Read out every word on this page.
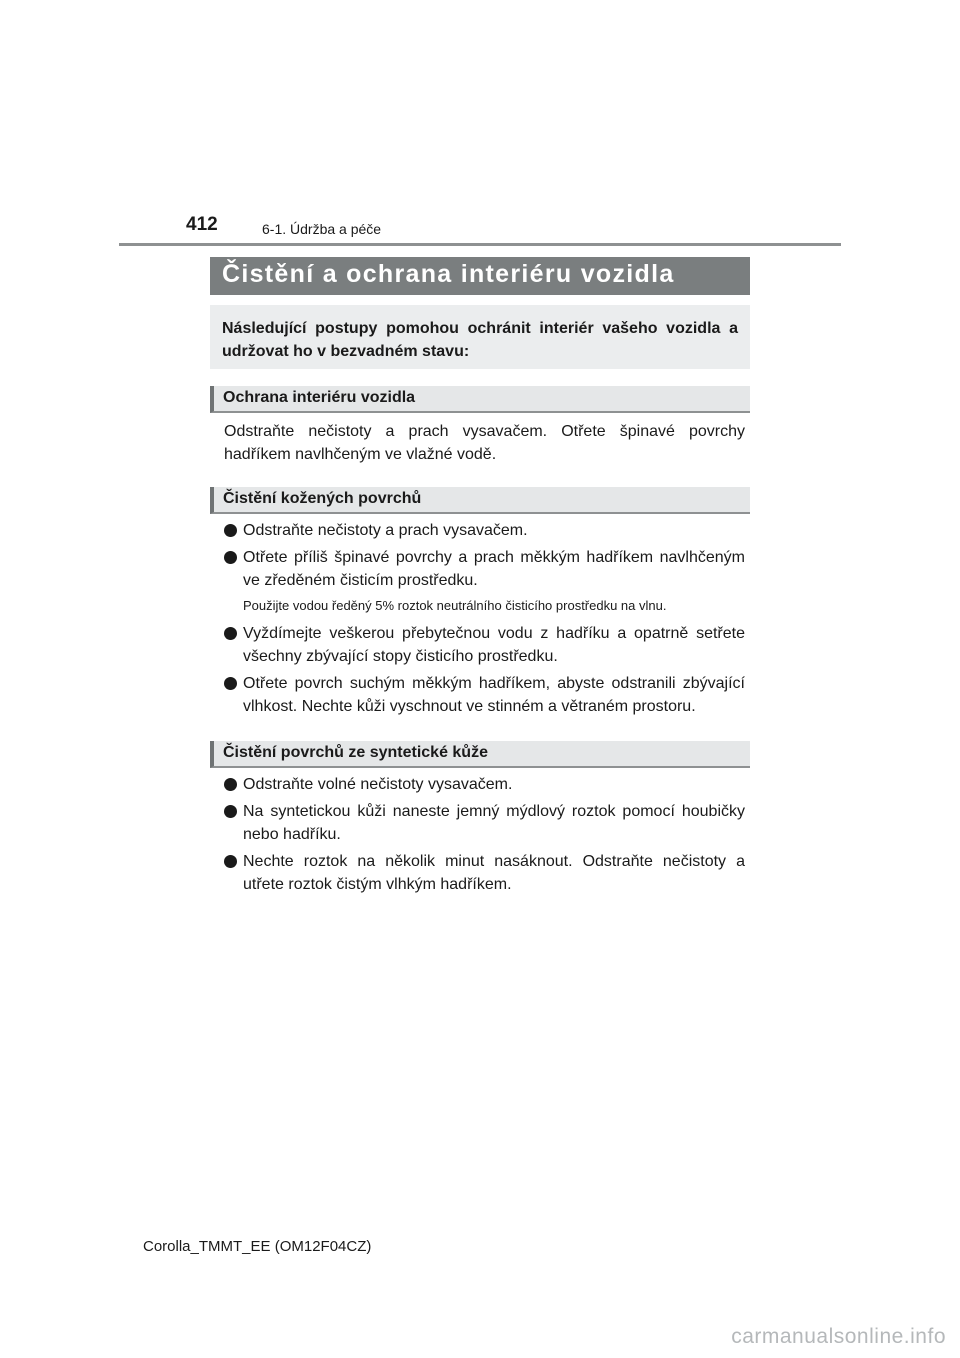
412	6-1. Údržba a péče
Čistění a ochrana interiéru vozidla
Následující postupy pomohou ochránit interiér vašeho vozidla a udržovat ho v bezvadném stavu:
Ochrana interiéru vozidla
Odstraňte nečistoty a prach vysavačem. Otřete špinavé povrchy hadříkem navlhčeným ve vlažné vodě.
Čistění kožených povrchů
Odstraňte nečistoty a prach vysavačem.
Otřete příliš špinavé povrchy a prach měkkým hadříkem navlhčeným ve zředěném čisticím prostředku.
Použijte vodou ředěný 5% roztok neutrálního čisticího prostředku na vlnu.
Vyždímejte veškerou přebytečnou vodu z hadříku a opatrně setřete všechny zbývající stopy čisticího prostředku.
Otřete povrch suchým měkkým hadříkem, abyste odstranili zbývající vlhkost. Nechte kůži vyschnout ve stinném a větraném prostoru.
Čistění povrchů ze syntetické kůže
Odstraňte volné nečistoty vysavačem.
Na syntetickou kůži naneste jemný mýdlový roztok pomocí houbičky nebo hadříku.
Nechte roztok na několik minut nasáknout. Odstraňte nečistoty a utřete roztok čistým vlhkým hadříkem.
Corolla_TMMT_EE (OM12F04CZ)
carmanualsonline.info
